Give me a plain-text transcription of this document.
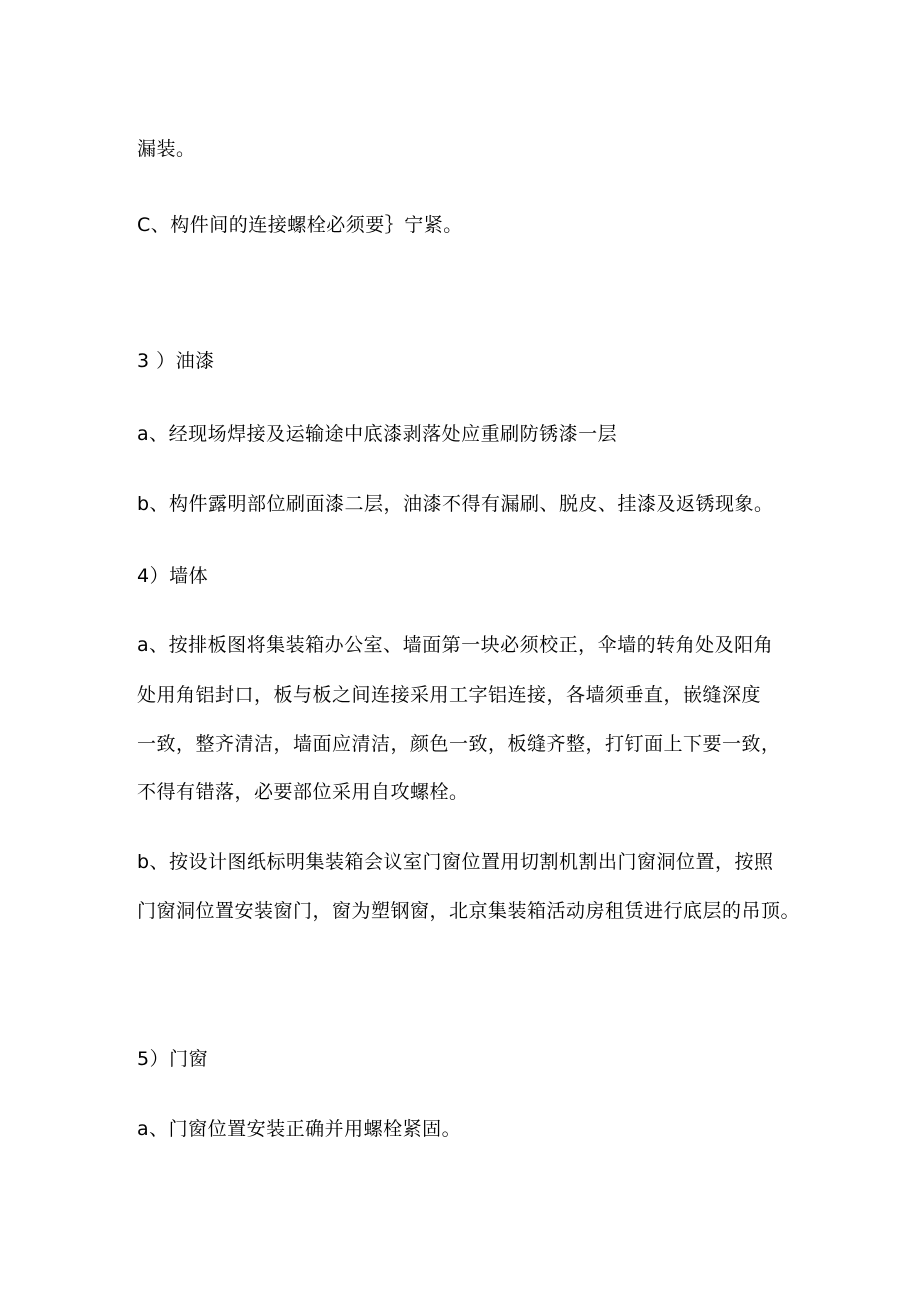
漏装。
C、构件间的连接螺栓必须要｝宁紧。
3 ）油漆
a、经现场焊接及运输途中底漆剥落处应重刷防锈漆一层
b、构件露明部位刷面漆二层，油漆不得有漏刷、脱皮、挂漆及返锈现象。
4）墙体
a、按排板图将集装箱办公室、墙面第一块必须校正，伞墙的转角处及阳角
处用角铝封口，板与板之间连接采用工字铝连接，各墙须垂直，嵌缝深度
一致，整齐清洁，墙面应清洁，颜色一致，板缝齐整，打钉面上下要一致，
不得有错落，必要部位采用自攻螺栓。
b、按设计图纸标明集装箱会议室门窗位置用切割机割出门窗洞位置，按照
门窗洞位置安装窗门，窗为塑钢窗，北京集装箱活动房租赁进行底层的吊顶。
5）门窗
a、门窗位置安装正确并用螺栓紧固。
